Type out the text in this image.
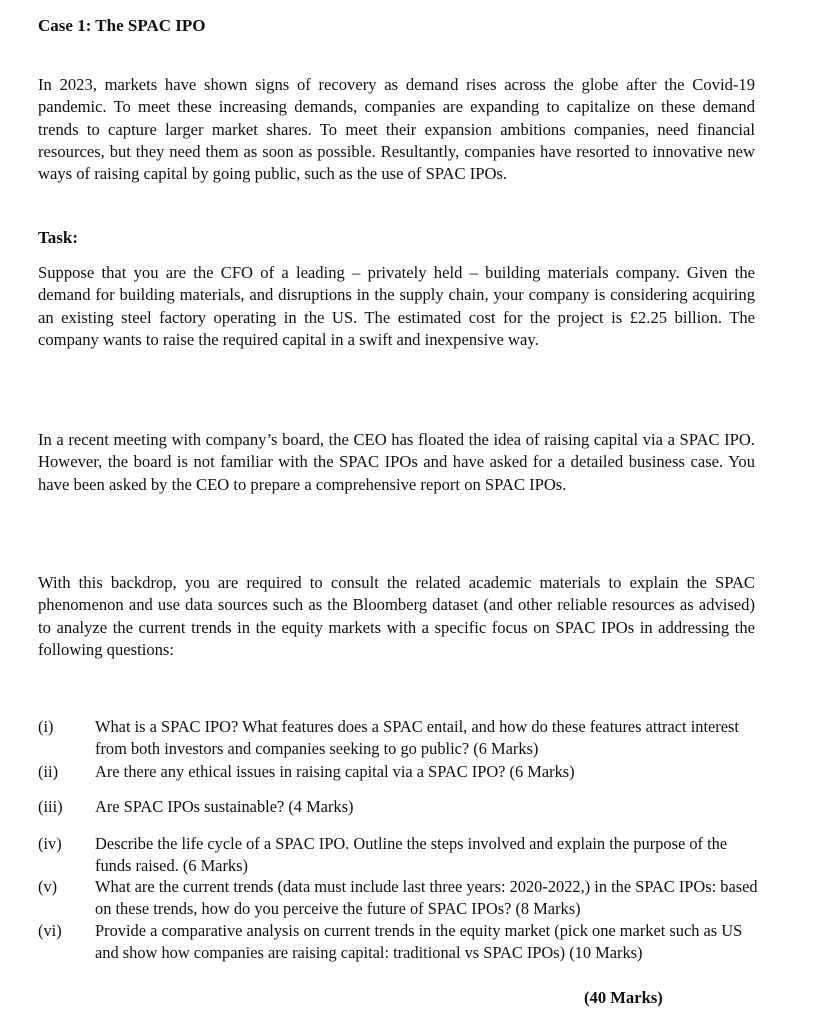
Case 1: The SPAC IPO

In 2023, markets have shown signs of recovery as demand rises across the globe after the Covid-19 pandemic. To meet these increasing demands, companies are expanding to capitalize on these demand trends to capture larger market shares. To meet their expansion ambitions companies, need financial resources, but they need them as soon as possible. Resultantly, companies have resorted to innovative new ways of raising capital by going public, such as the use of SPAC IPOs.

Task:

Suppose that you are the CFO of a leading – privately held – building materials company. Given the demand for building materials, and disruptions in the supply chain, your company is considering acquiring an existing steel factory operating in the US. The estimated cost for the project is £2.25 billion. The company wants to raise the required capital in a swift and inexpensive way.

In a recent meeting with company’s board, the CEO has floated the idea of raising capital via a SPAC IPO. However, the board is not familiar with the SPAC IPOs and have asked for a detailed business case. You have been asked by the CEO to prepare a comprehensive report on SPAC IPOs.

With this backdrop, you are required to consult the related academic materials to explain the SPAC phenomenon and use data sources such as the Bloomberg dataset (and other reliable resources as advised) to analyze the current trends in the equity markets with a specific focus on SPAC IPOs in addressing the following questions:

(i)	What is a SPAC IPO? What features does a SPAC entail, and how do these features attract interest from both investors and companies seeking to go public? (6 Marks)
(ii)	Are there any ethical issues in raising capital via a SPAC IPO? (6 Marks)
(iii)	Are SPAC IPOs sustainable? (4 Marks)
(iv)	Describe the life cycle of a SPAC IPO. Outline the steps involved and explain the purpose of the funds raised. (6 Marks)
(v)	What are the current trends (data must include last three years: 2020-2022,) in the SPAC IPOs: based on these trends, how do you perceive the future of SPAC IPOs? (8 Marks)
(vi)	Provide a comparative analysis on current trends in the equity market (pick one market such as US and show how companies are raising capital: traditional vs SPAC IPOs) (10 Marks)

(40 Marks)
